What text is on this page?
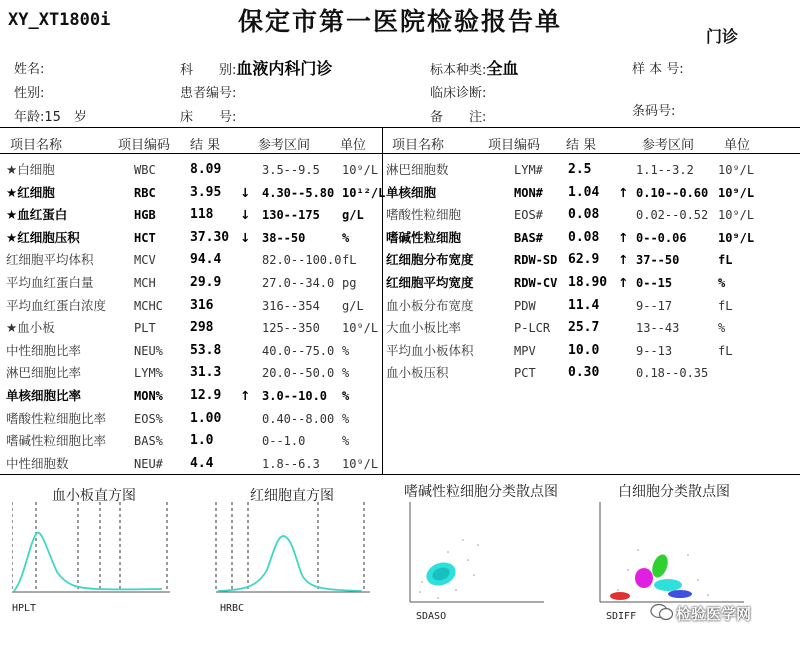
XY_XT1800i	保定市第一医院检验报告单
门诊
姓名:	科　　别:血液内科门诊	标本种类:全血	样 本 号:
性别:	患者编号:	临床诊断:
年龄:15　岁	床　　号:	备　　注:	条码号:
项目名称	项目编码 结 果	参考区间 单位 项目名称	项目编码 结 果	参考区间 单位
★白细胞	WBC	8.09	3.5--9.5 10⁹/L
★红细胞	RBC	3.95 ↓ 4.30--5.80 10¹²/L
★血红蛋白	HGB	118 ↓ 130--175 g/L
★红细胞压积	HCT	37.30 ↓ 38--50	%
红细胞平均体积	MCV	94.4	82.0--100.0 fL
平均血红蛋白量	MCH	29.9	27.0--34.0 pg
平均血红蛋白浓度 MCHC 316	316--354 g/L
★血小板	PLT	298	125--350 10⁹/L
中性细胞比率	NEU% 53.8	40.0--75.0 %
淋巴细胞比率	LYM% 31.3	20.0--50.0 %
单核细胞比率	MON% 12.9 ↑ 3.0--10.0 %
嗜酸性粒细胞比率 EOS% 1.00	0.40--8.00 %
嗜碱性粒细胞比率 BAS% 1.0	0--1.0	%
中性细胞数	NEU# 4.4	1.8--6.3 10⁹/L
淋巴细胞数	LYM# 2.5	1.1--3.2 10⁹/L
单核细胞	MON# 1.04 ↑ 0.10--0.60 10⁹/L
嗜酸性粒细胞	EOS# 0.08	0.02--0.52 10⁹/L
嗜碱性粒细胞	BAS# 0.08 ↑ 0--0.06	10⁹/L
红细胞分布宽度	RDW-SD 62.9 ↑ 37--50	fL
红细胞平均宽度	RDW-CV 18.90 ↑ 0--15	%
血小板分布宽度	PDW 11.4	9--17	fL
大血小板比率	P-LCR 25.7	13--43	%
平均血小板体积	MPV 10.0	9--13	fL
血小板压积	PCT 0.30	0.18--0.35
血小板直方图	红细胞直方图	嗜碱性粒细胞分类散点图	白细胞分类散点图
HPLT	HRBC
SDASO	SDIFF	检验医学网
